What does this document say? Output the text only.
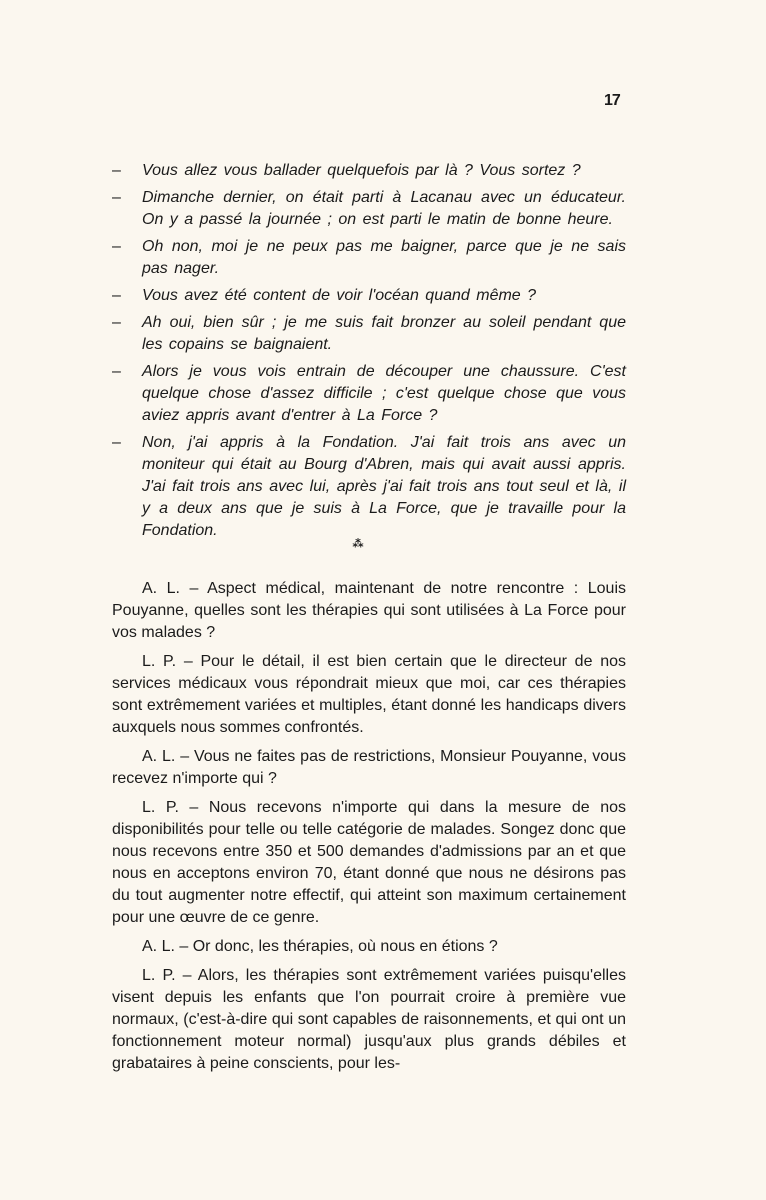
17
– Vous allez vous ballader quelquefois par là ? Vous sortez ?
– Dimanche dernier, on était parti à Lacanau avec un éducateur. On y a passé la journée ; on est parti le matin de bonne heure.
– Oh non, moi je ne peux pas me baigner, parce que je ne sais pas nager.
– Vous avez été content de voir l'océan quand même ?
– Ah oui, bien sûr ; je me suis fait bronzer au soleil pendant que les copains se baignaient.
– Alors je vous vois entrain de découper une chaussure. C'est quelque chose d'assez difficile ; c'est quelque chose que vous aviez appris avant d'entrer à La Force ?
– Non, j'ai appris à la Fondation. J'ai fait trois ans avec un moniteur qui était au Bourg d'Abren, mais qui avait aussi appris. J'ai fait trois ans avec lui, après j'ai fait trois ans tout seul et là, il y a deux ans que je suis à La Force, que je travaille pour la Fondation.
⁂

A. L. – Aspect médical, maintenant de notre rencontre : Louis Pouyanne, quelles sont les thérapies qui sont utilisées à La Force pour vos malades ?

L. P. – Pour le détail, il est bien certain que le directeur de nos services médicaux vous répondrait mieux que moi, car ces thérapies sont extrêmement variées et multiples, étant donné les handicaps divers auxquels nous sommes confrontés.

A. L. – Vous ne faites pas de restrictions, Monsieur Pouyanne, vous recevez n'importe qui ?

L. P. – Nous recevons n'importe qui dans la mesure de nos disponibilités pour telle ou telle catégorie de malades. Songez donc que nous recevons entre 350 et 500 demandes d'admissions par an et que nous en acceptons environ 70, étant donné que nous ne désirons pas du tout augmenter notre effectif, qui atteint son maximum certainement pour une œuvre de ce genre.

A. L. – Or donc, les thérapies, où nous en étions ?

L. P. – Alors, les thérapies sont extrêmement variées puisqu'elles visent depuis les enfants que l'on pourrait croire à première vue normaux, (c'est-à-dire qui sont capables de raisonnements, et qui ont un fonctionnement moteur normal) jusqu'aux plus grands débiles et grabataires à peine conscients, pour les-
